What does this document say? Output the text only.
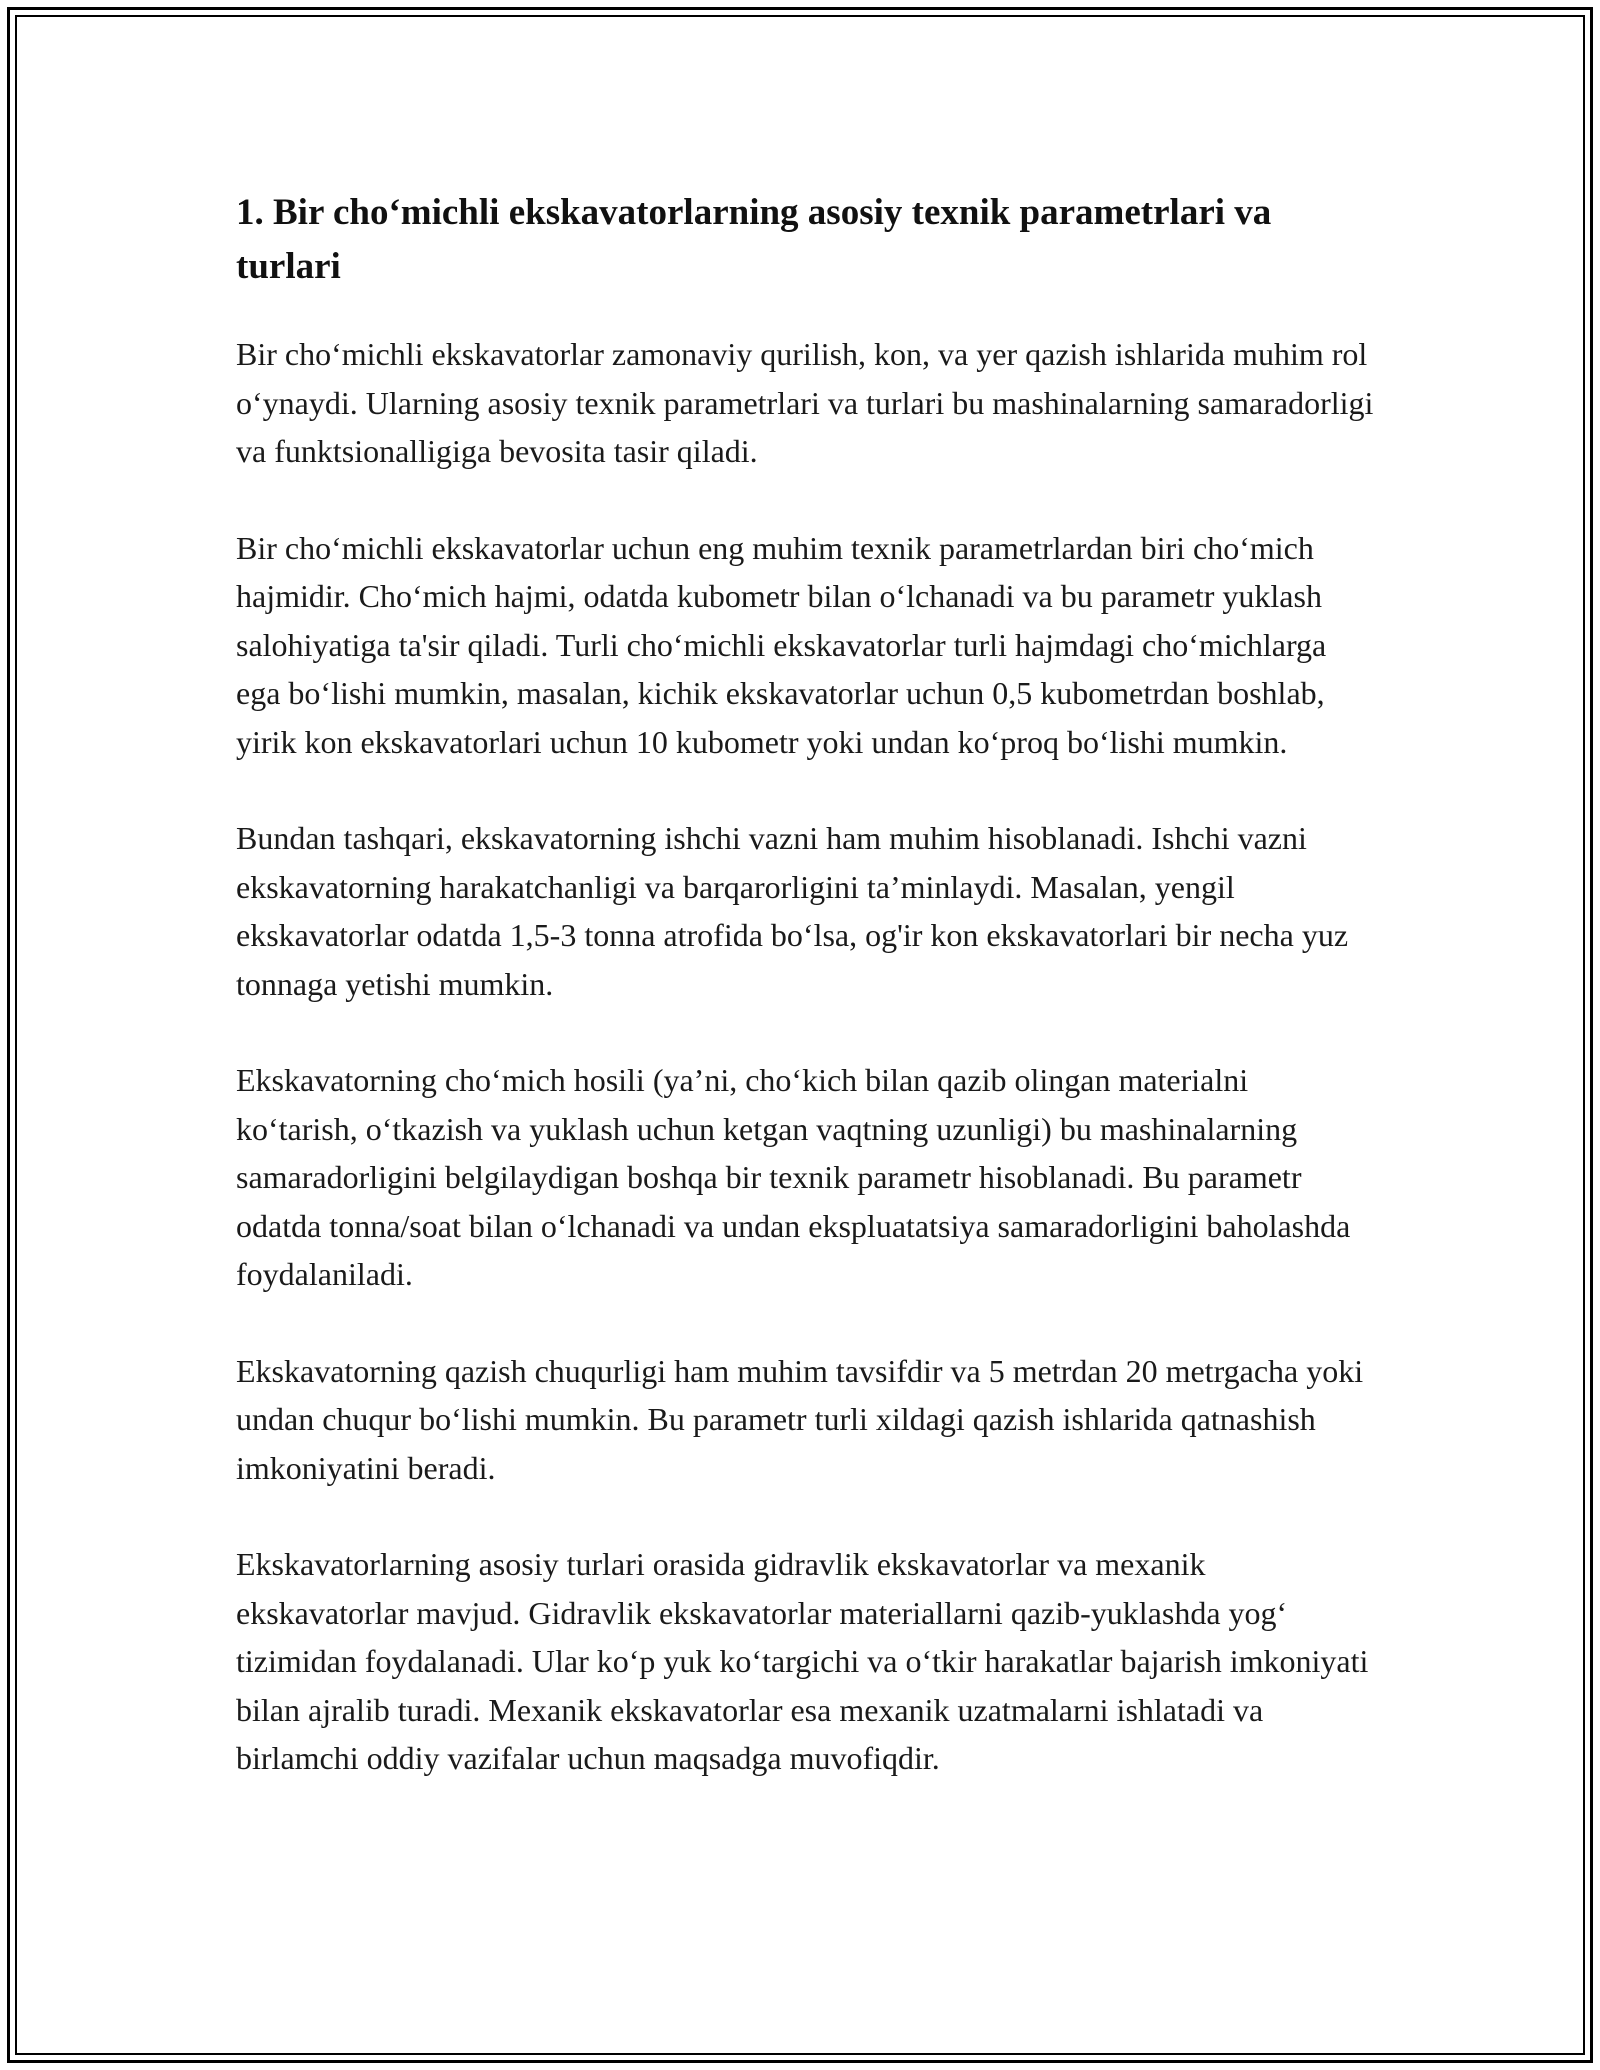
1. Bir cho‘michli ekskavatorlarning asosiy texnik parametrlari va turlari

Bir cho‘michli ekskavatorlar zamonaviy qurilish, kon, va yer qazish ishlarida muhim rol o‘ynaydi. Ularning asosiy texnik parametrlari va turlari bu mashinalarning samaradorligi va funktsionalligiga bevosita tasir qiladi.

Bir cho‘michli ekskavatorlar uchun eng muhim texnik parametrlardan biri cho‘mich hajmidir. Cho‘mich hajmi, odatda kubometr bilan o‘lchanadi va bu parametr yuklash salohiyatiga ta'sir qiladi. Turli cho‘michli ekskavatorlar turli hajmdagi cho‘michlarga ega bo‘lishi mumkin, masalan, kichik ekskavatorlar uchun 0,5 kubometrdan boshlab, yirik kon ekskavatorlari uchun 10 kubometr yoki undan ko‘proq bo‘lishi mumkin.

Bundan tashqari, ekskavatorning ishchi vazni ham muhim hisoblanadi. Ishchi vazni ekskavatorning harakatchanligi va barqarorligini ta’minlaydi. Masalan, yengil ekskavatorlar odatda 1,5-3 tonna atrofida bo‘lsa, og'ir kon ekskavatorlari bir necha yuz tonnaga yetishi mumkin.

Ekskavatorning cho‘mich hosili (ya’ni, cho‘kich bilan qazib olingan materialni ko‘tarish, o‘tkazish va yuklash uchun ketgan vaqtning uzunligi) bu mashinalarning samaradorligini belgilaydigan boshqa bir texnik parametr hisoblanadi. Bu parametr odatda tonna/soat bilan o‘lchanadi va undan ekspluatatsiya samaradorligini baholashda foydalaniladi.

Ekskavatorning qazish chuqurligi ham muhim tavsifdir va 5 metrdan 20 metrgacha yoki undan chuqur bo‘lishi mumkin. Bu parametr turli xildagi qazish ishlarida qatnashish imkoniyatini beradi.

Ekskavatorlarning asosiy turlari orasida gidravlik ekskavatorlar va mexanik ekskavatorlar mavjud. Gidravlik ekskavatorlar materiallarni qazib-yuklashda yog‘ tizimidan foydalanadi. Ular ko‘p yuk ko‘targichi va o‘tkir harakatlar bajarish imkoniyati bilan ajralib turadi. Mexanik ekskavatorlar esa mexanik uzatmalarni ishlatadi va birlamchi oddiy vazifalar uchun maqsadga muvofiqdir.
